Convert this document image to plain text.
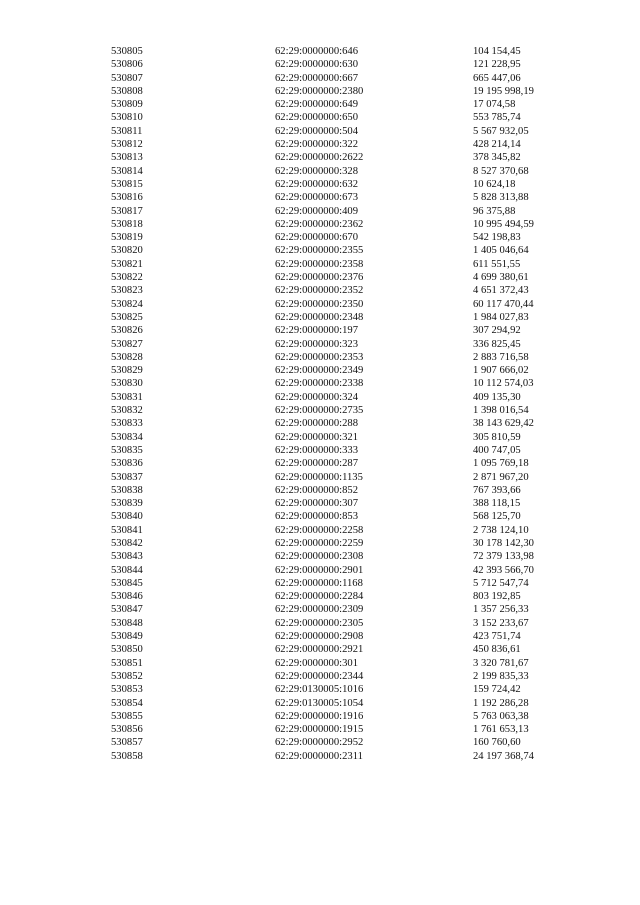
530805	62:29:0000000:646	104 154,45
530806	62:29:0000000:630	121 228,95
530807	62:29:0000000:667	665 447,06
530808	62:29:0000000:2380	19 195 998,19
530809	62:29:0000000:649	17 074,58
530810	62:29:0000000:650	553 785,74
530811	62:29:0000000:504	5 567 932,05
530812	62:29:0000000:322	428 214,14
530813	62:29:0000000:2622	378 345,82
530814	62:29:0000000:328	8 527 370,68
530815	62:29:0000000:632	10 624,18
530816	62:29:0000000:673	5 828 313,88
530817	62:29:0000000:409	96 375,88
530818	62:29:0000000:2362	10 995 494,59
530819	62:29:0000000:670	542 198,83
530820	62:29:0000000:2355	1 405 046,64
530821	62:29:0000000:2358	611 551,55
530822	62:29:0000000:2376	4 699 380,61
530823	62:29:0000000:2352	4 651 372,43
530824	62:29:0000000:2350	60 117 470,44
530825	62:29:0000000:2348	1 984 027,83
530826	62:29:0000000:197	307 294,92
530827	62:29:0000000:323	336 825,45
530828	62:29:0000000:2353	2 883 716,58
530829	62:29:0000000:2349	1 907 666,02
530830	62:29:0000000:2338	10 112 574,03
530831	62:29:0000000:324	409 135,30
530832	62:29:0000000:2735	1 398 016,54
530833	62:29:0000000:288	38 143 629,42
530834	62:29:0000000:321	305 810,59
530835	62:29:0000000:333	400 747,05
530836	62:29:0000000:287	1 095 769,18
530837	62:29:0000000:1135	2 871 967,20
530838	62:29:0000000:852	767 393,66
530839	62:29:0000000:307	388 118,15
530840	62:29:0000000:853	568 125,70
530841	62:29:0000000:2258	2 738 124,10
530842	62:29:0000000:2259	30 178 142,30
530843	62:29:0000000:2308	72 379 133,98
530844	62:29:0000000:2901	42 393 566,70
530845	62:29:0000000:1168	5 712 547,74
530846	62:29:0000000:2284	803 192,85
530847	62:29:0000000:2309	1 357 256,33
530848	62:29:0000000:2305	3 152 233,67
530849	62:29:0000000:2908	423 751,74
530850	62:29:0000000:2921	450 836,61
530851	62:29:0000000:301	3 320 781,67
530852	62:29:0000000:2344	2 199 835,33
530853	62:29:0130005:1016	159 724,42
530854	62:29:0130005:1054	1 192 286,28
530855	62:29:0000000:1916	5 763 063,38
530856	62:29:0000000:1915	1 761 653,13
530857	62:29:0000000:2952	160 760,60
530858	62:29:0000000:2311	24 197 368,74
